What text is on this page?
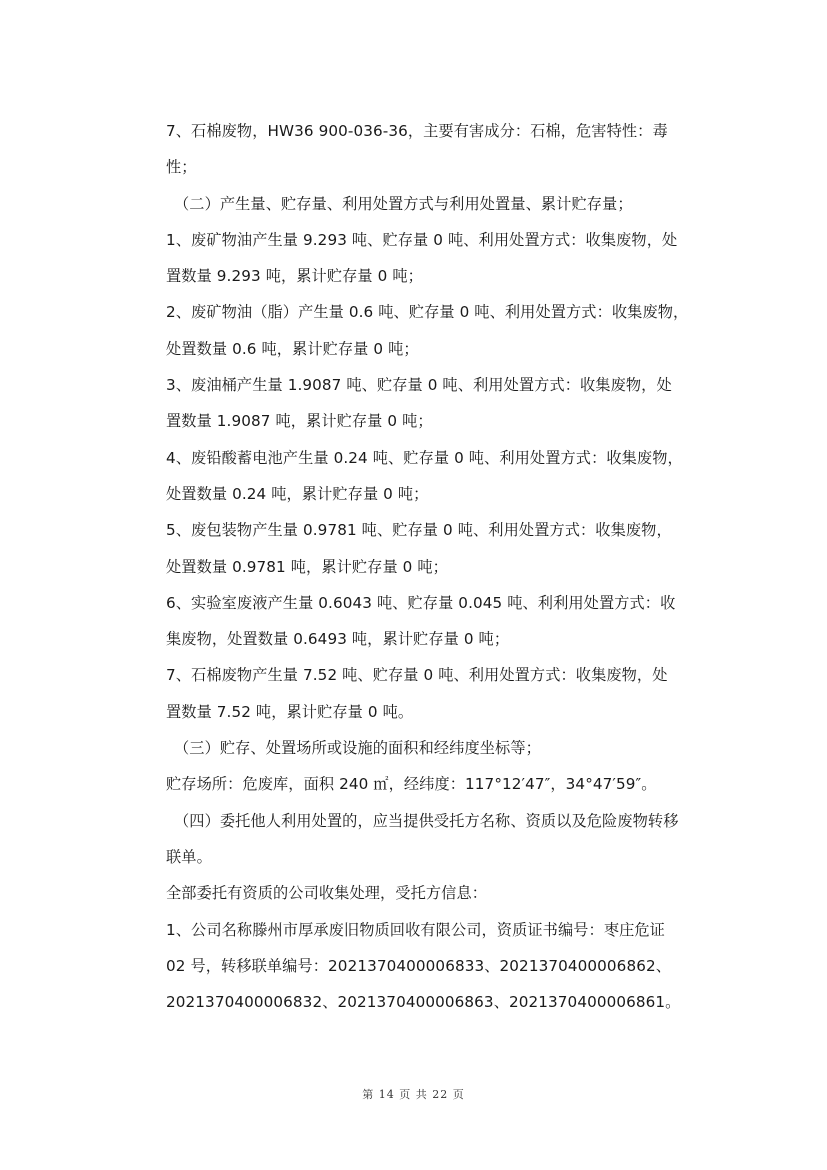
7、石棉废物，HW36 900-036-36，主要有害成分：石棉，危害特性：毒
性；
（二）产生量、贮存量、利用处置方式与利用处置量、累计贮存量；
1、废矿物油产生量 9.293 吨、贮存量 0 吨、利用处置方式：收集废物，处
置数量 9.293 吨，累计贮存量 0 吨；
2、废矿物油（脂）产生量 0.6 吨、贮存量 0 吨、利用处置方式：收集废物，
处置数量 0.6 吨，累计贮存量 0 吨；
3、废油桶产生量 1.9087 吨、贮存量 0 吨、利用处置方式：收集废物，处
置数量 1.9087 吨，累计贮存量 0 吨；
4、废铅酸蓄电池产生量 0.24 吨、贮存量 0 吨、利用处置方式：收集废物，
处置数量 0.24 吨，累计贮存量 0 吨；
5、废包装物产生量 0.9781 吨、贮存量 0 吨、利用处置方式：收集废物，
处置数量 0.9781 吨，累计贮存量 0 吨；
6、实验室废液产生量 0.6043 吨、贮存量 0.045 吨、利利用处置方式：收
集废物，处置数量 0.6493 吨，累计贮存量 0 吨；
7、石棉废物产生量 7.52 吨、贮存量 0 吨、利用处置方式：收集废物，处
置数量 7.52 吨，累计贮存量 0 吨。
（三）贮存、处置场所或设施的面积和经纬度坐标等；
贮存场所：危废库，面积 240 ㎡，经纬度：117°12′47″，34°47′59″。
（四）委托他人利用处置的，应当提供受托方名称、资质以及危险废物转移
联单。
全部委托有资质的公司收集处理，受托方信息：
1、公司名称滕州市厚承废旧物质回收有限公司，资质证书编号：枣庄危证
02 号，转移联单编号：2021370400006833、2021370400006862、
2021370400006832、2021370400006863、2021370400006861。
第 14 页 共 22 页
